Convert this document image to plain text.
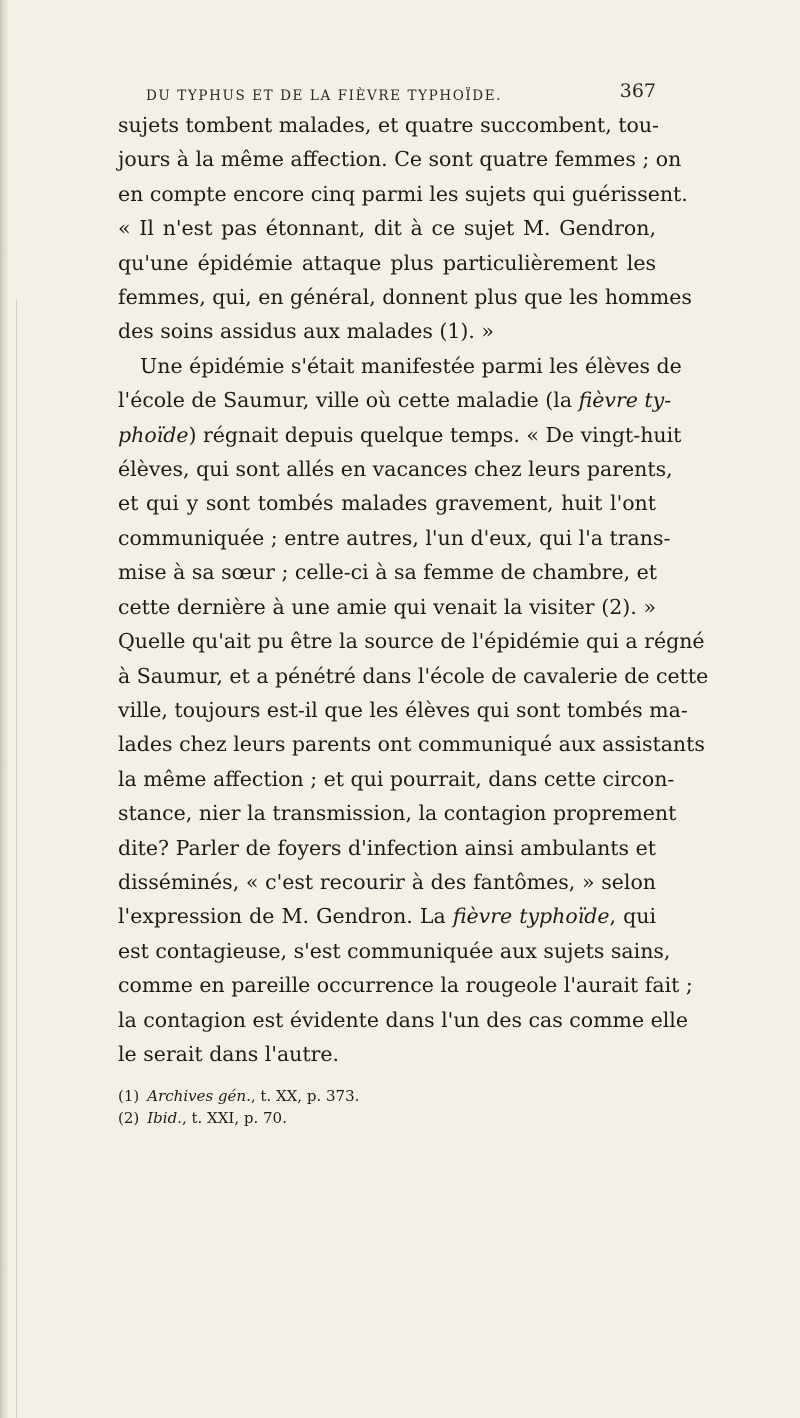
DU TYPHUS ET DE LA FIÈVRE TYPHOÏDE.	367
sujets tombent malades, et quatre succombent, tou-
jours à la même affection. Ce sont quatre femmes ; on
en compte encore cinq parmi les sujets qui guérissent.
« Il n'est pas étonnant, dit à ce sujet M. Gendron,
qu'une épidémie attaque plus particulièrement les
femmes, qui, en général, donnent plus que les hommes
des soins assidus aux malades (1). »
Une épidémie s'était manifestée parmi les élèves de
l'école de Saumur, ville où cette maladie (la fièvre ty-
phoïde) régnait depuis quelque temps. « De vingt-huit
élèves, qui sont allés en vacances chez leurs parents,
et qui y sont tombés malades gravement, huit l'ont
communiquée ; entre autres, l'un d'eux, qui l'a trans-
mise à sa sœur ; celle-ci à sa femme de chambre, et
cette dernière à une amie qui venait la visiter (2). »
Quelle qu'ait pu être la source de l'épidémie qui a régné
à Saumur, et a pénétré dans l'école de cavalerie de cette
ville, toujours est-il que les élèves qui sont tombés ma-
lades chez leurs parents ont communiqué aux assistants
la même affection ; et qui pourrait, dans cette circon-
stance, nier la transmission, la contagion proprement
dite? Parler de foyers d'infection ainsi ambulants et
disséminés, « c'est recourir à des fantômes, » selon
l'expression de M. Gendron. La fièvre typhoïde, qui
est contagieuse, s'est communiquée aux sujets sains,
comme en pareille occurrence la rougeole l'aurait fait ;
la contagion est évidente dans l'un des cas comme elle
le serait dans l'autre.
(1) Archives gén., t. XX, p. 373.
(2) Ibid., t. XXI, p. 70.
